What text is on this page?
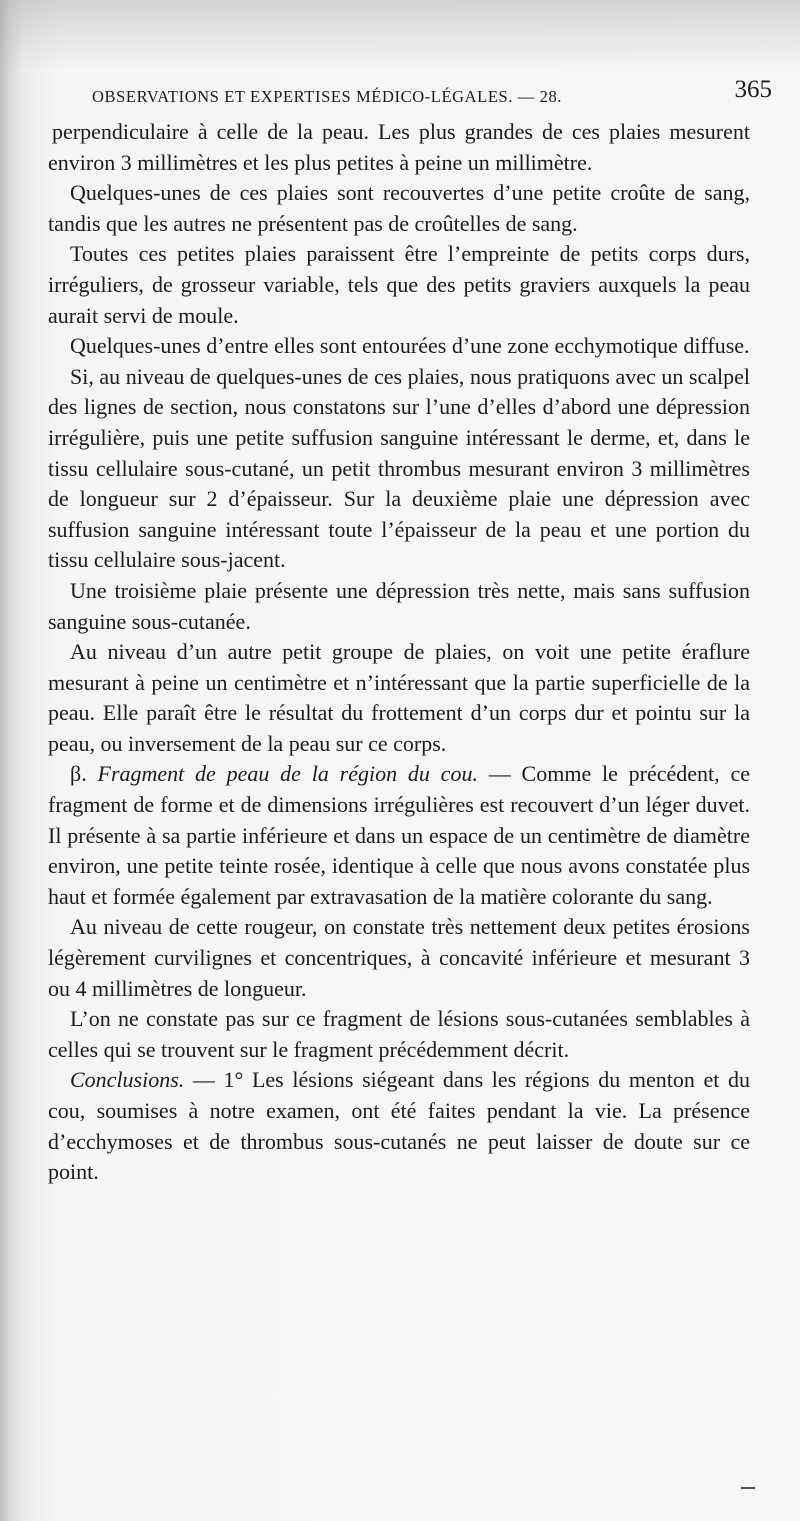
OBSERVATIONS ET EXPERTISES MÉDICO-LÉGALES. — 28.	365

perpendiculaire à celle de la peau. Les plus grandes de ces plaies mesurent environ 3 millimètres et les plus petites à peine un millimètre.

Quelques-unes de ces plaies sont recouvertes d’une petite croûte de sang, tandis que les autres ne présentent pas de croûtelles de sang.

Toutes ces petites plaies paraissent être l’empreinte de petits corps durs, irréguliers, de grosseur variable, tels que des petits graviers auxquels la peau aurait servi de moule.

Quelques-unes d’entre elles sont entourées d’une zone ecchymotique diffuse.

Si, au niveau de quelques-unes de ces plaies, nous pratiquons avec un scalpel des lignes de section, nous constatons sur l’une d’elles d’abord une dépression irrégulière, puis une petite suffusion sanguine intéressant le derme, et, dans le tissu cellulaire sous-cutané, un petit thrombus mesurant environ 3 millimètres de longueur sur 2 d’épaisseur. Sur la deuxième plaie une dépression avec suffusion sanguine intéressant toute l’épaisseur de la peau et une portion du tissu cellulaire sous-jacent.

Une troisième plaie présente une dépression très nette, mais sans suffusion sanguine sous-cutanée.

Au niveau d’un autre petit groupe de plaies, on voit une petite éraflure mesurant à peine un centimètre et n’intéressant que la partie superficielle de la peau. Elle paraît être le résultat du frottement d’un corps dur et pointu sur la peau, ou inversement de la peau sur ce corps.

β. Fragment de peau de la région du cou. — Comme le précédent, ce fragment de forme et de dimensions irrégulières est recouvert d’un léger duvet. Il présente à sa partie inférieure et dans un espace de un centimètre de diamètre environ, une petite teinte rosée, identique à celle que nous avons constatée plus haut et formée également par extravasation de la matière colorante du sang.

Au niveau de cette rougeur, on constate très nettement deux petites érosions légèrement curvilignes et concentriques, à concavité inférieure et mesurant 3 ou 4 millimètres de longueur.

L’on ne constate pas sur ce fragment de lésions sous-cutanées semblables à celles qui se trouvent sur le fragment précédemment décrit.

Conclusions. — 1° Les lésions siégeant dans les régions du menton et du cou, soumises à notre examen, ont été faites pendant la vie. La présence d’ecchymoses et de thrombus sous-cutanés ne peut laisser de doute sur ce point.
